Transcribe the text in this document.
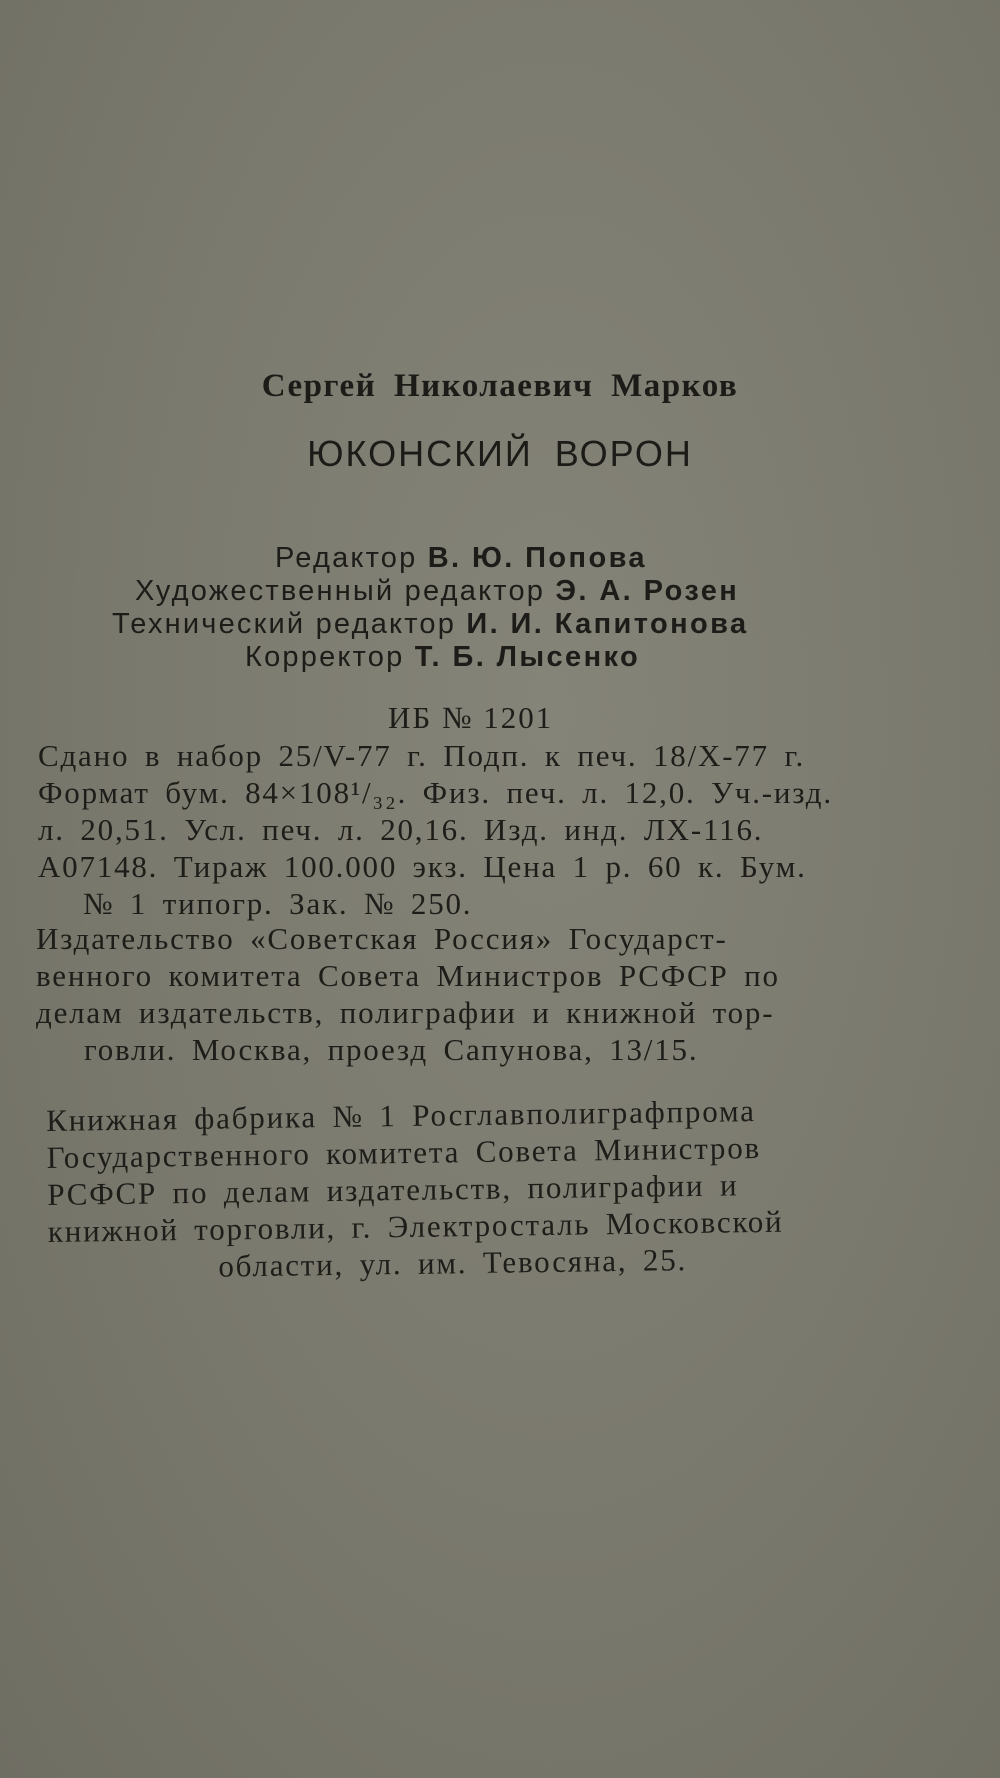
Сергей Николаевич Марков
ЮКОНСКИЙ ВОРОН
Редактор В. Ю. Попова
Художественный редактор Э. А. Розен
Технический редактор И. И. Капитонова
Корректор Т. Б. Лысенко
ИБ № 1201
Сдано в набор 25/V-77 г. Подп. к печ. 18/X-77 г.
Формат бум. 84×108¹/₃₂. Физ. печ. л. 12,0. Уч.-изд.
л. 20,51. Усл. печ. л. 20,16. Изд. инд. ЛХ-116.
А07148. Тираж 100.000 экз. Цена 1 р. 60 к. Бум.
№ 1 типогр. Зак. № 250.
Издательство «Советская Россия» Государст-
венного комитета Совета Министров РСФСР по
делам издательств, полиграфии и книжной тор-
говли. Москва, проезд Сапунова, 13/15.
Книжная фабрика № 1 Росглавполиграфпрома
Государственного комитета Совета Министров
РСФСР по делам издательств, полиграфии и
книжной торговли, г. Электросталь Московской
области, ул. им. Тевосяна, 25.
